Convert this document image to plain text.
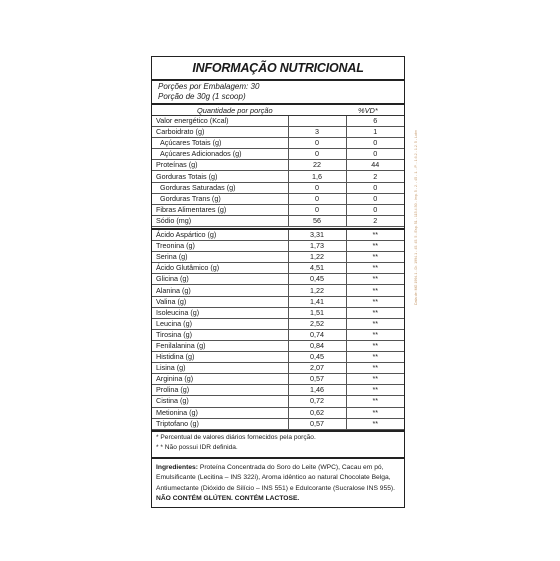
INFORMAÇÃO NUTRICIONAL
Porções por Embalagem: 30
Porção de 30g (1 scoop)
Quantidade por porção	%VD*
Valor energético (Kcal)		6
Carboidrato (g)	3	1
Açúcares Totais (g)	0	0
Açúcares Adicionados (g)	0	0
Proteínas (g)	22	44
Gorduras Totais (g)	1,6	2
Gorduras Saturadas (g)	0	0
Gorduras Trans (g)	0	0
Fibras Alimentares (g)	0	0
Sódio (mg)	56	2
Ácido Aspártico (g)	3,31	**
Treonina (g)	1,73	**
Serina (g)	1,22	**
Ácido Glutâmico (g)	4,51	**
Glicina (g)	0,45	**
Alanina (g)	1,22	**
Valina (g)	1,41	**
Isoleucina (g)	1,51	**
Leucina (g)	2,52	**
Tirosina (g)	0,74	**
Fenilalanina (g)	0,84	**
Histidina (g)	0,45	**
Lisina (g)	2,07	**
Arginina (g)	0,57	**
Prolina (g)	1,46	**
Cistina (g)	0,72	**
Metionina (g)	0,62	**
Triptofano (g)	0,57	**
* Percentual de valores diários fornecidos pela porção.
* * Não possui IDR definida.
Ingredientes: Proteína Concentrada do Soro do Leite (WPC), Cacau em pó, Emulsificante (Lecitina – INS 322i), Aroma idêntico ao natural Chocolate Belga, Antiumectante (Dióxido de Silício – INS 551) e Edulcorante (Sucralose INS 955).
NÃO CONTÉM GLÚTEN. CONTÉM LACTOSE.
Data de: MG 1994.1 - Dr. 1994.1 - 45. 45. 5 - Esp. 51 - 115.4.50 - Imp. 5 - 2. - 45 - 1. - P. - 1.6.2 - 1.2. 5 - Lotm
